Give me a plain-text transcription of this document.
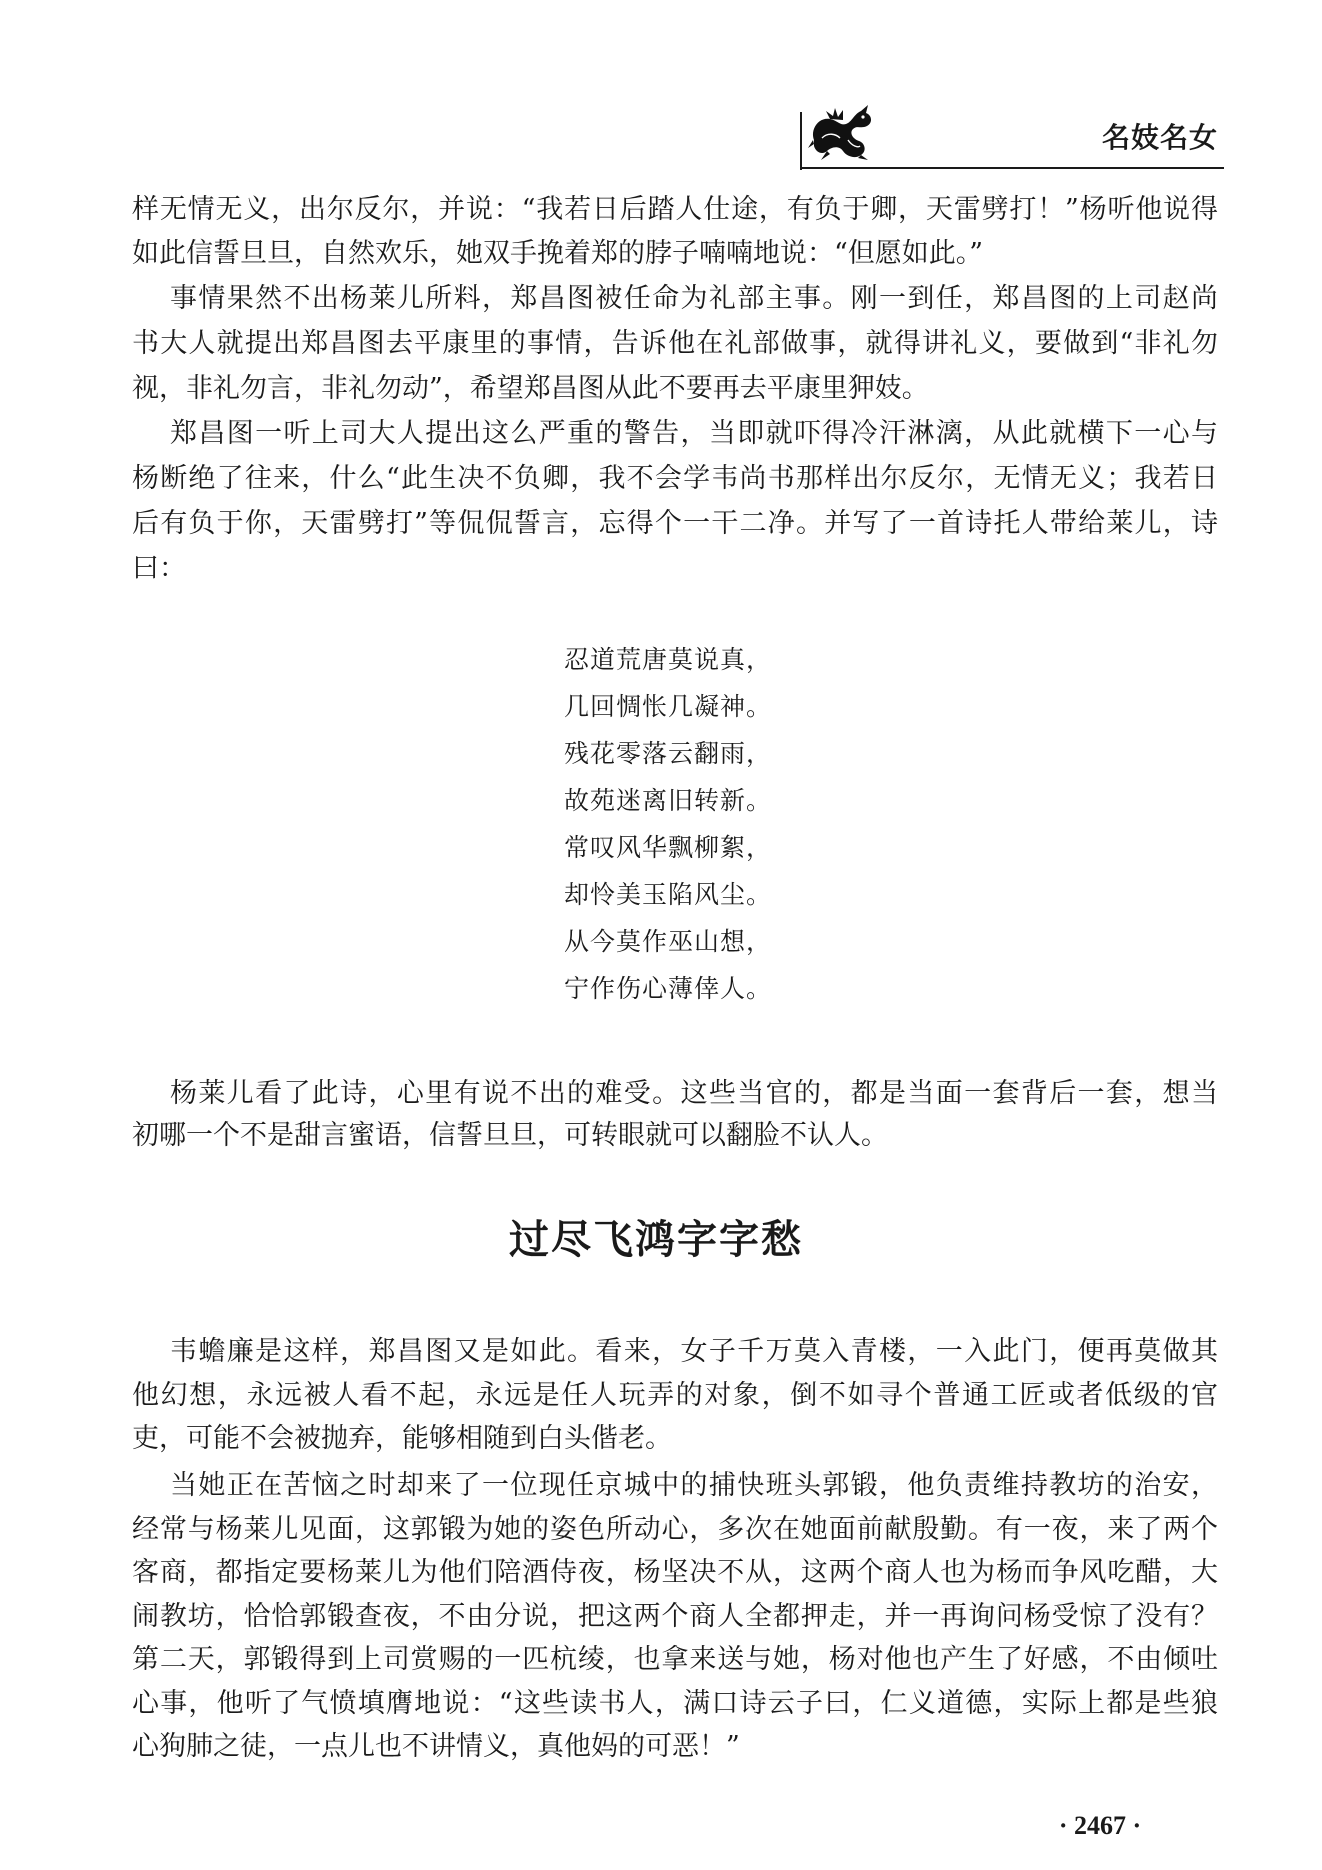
名妓名女
样无情无义，出尔反尔，并说：“我若日后踏人仕途，有负于卿，天雷劈打！”杨听他说得
如此信誓旦旦，自然欢乐，她双手挽着郑的脖子喃喃地说：“但愿如此。”
事情果然不出杨莱儿所料，郑昌图被任命为礼部主事。刚一到任，郑昌图的上司赵尚
书大人就提出郑昌图去平康里的事情，告诉他在礼部做事，就得讲礼义，要做到“非礼勿
视，非礼勿言，非礼勿动”，希望郑昌图从此不要再去平康里狎妓。
郑昌图一听上司大人提出这么严重的警告，当即就吓得冷汗淋漓，从此就横下一心与
杨断绝了往来，什么“此生决不负卿，我不会学韦尚书那样出尔反尔，无情无义；我若日
后有负于你，天雷劈打”等侃侃誓言，忘得个一干二净。并写了一首诗托人带给莱儿，诗
曰：
忍道荒唐莫说真，
几回惆怅几凝神。
残花零落云翻雨，
故苑迷离旧转新。
常叹风华飘柳絮，
却怜美玉陷风尘。
从今莫作巫山想，
宁作伤心薄倖人。
杨莱儿看了此诗，心里有说不出的难受。这些当官的，都是当面一套背后一套，想当
初哪一个不是甜言蜜语，信誓旦旦，可转眼就可以翻脸不认人。
过尽飞鸿字字愁
韦蟾廉是这样，郑昌图又是如此。看来，女子千万莫入青楼，一入此门，便再莫做其
他幻想，永远被人看不起，永远是任人玩弄的对象，倒不如寻个普通工匠或者低级的官
吏，可能不会被抛弃，能够相随到白头偕老。
当她正在苦恼之时却来了一位现任京城中的捕快班头郭锻，他负责维持教坊的治安，
经常与杨莱儿见面，这郭锻为她的姿色所动心，多次在她面前献殷勤。有一夜，来了两个
客商，都指定要杨莱儿为他们陪酒侍夜，杨坚决不从，这两个商人也为杨而争风吃醋，大
闹教坊，恰恰郭锻查夜，不由分说，把这两个商人全都押走，并一再询问杨受惊了没有？
第二天，郭锻得到上司赏赐的一匹杭绫，也拿来送与她，杨对他也产生了好感，不由倾吐
心事，他听了气愤填膺地说：“这些读书人，满口诗云子曰，仁义道德，实际上都是些狼
心狗肺之徒，一点儿也不讲情义，真他妈的可恶！”
· 2467 ·
